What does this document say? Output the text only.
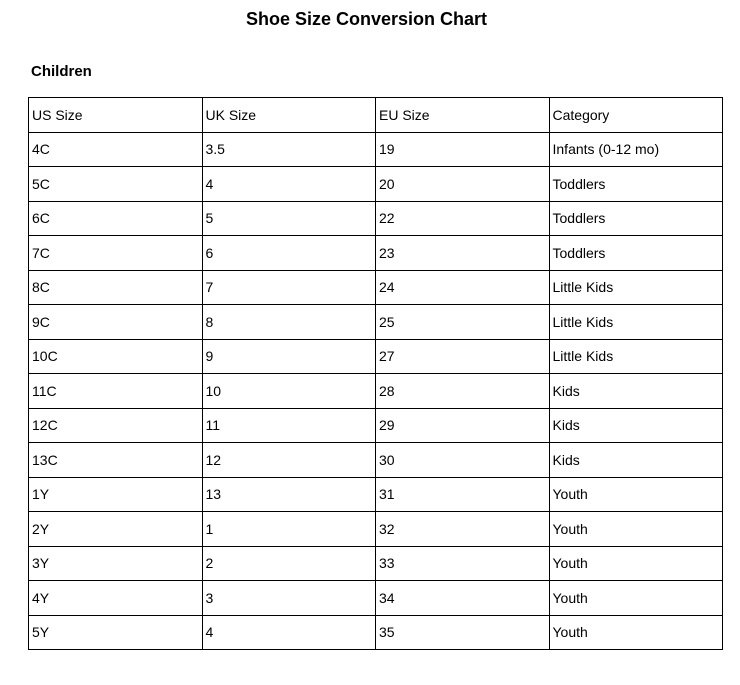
Shoe Size Conversion Chart
Children
US Size	UK Size	EU Size	Category
4C	3.5	19	Infants (0-12 mo)
5C	4	20	Toddlers
6C	5	22	Toddlers
7C	6	23	Toddlers
8C	7	24	Little Kids
9C	8	25	Little Kids
10C	9	27	Little Kids
11C	10	28	Kids
12C	11	29	Kids
13C	12	30	Kids
1Y	13	31	Youth
2Y	1	32	Youth
3Y	2	33	Youth
4Y	3	34	Youth
5Y	4	35	Youth
